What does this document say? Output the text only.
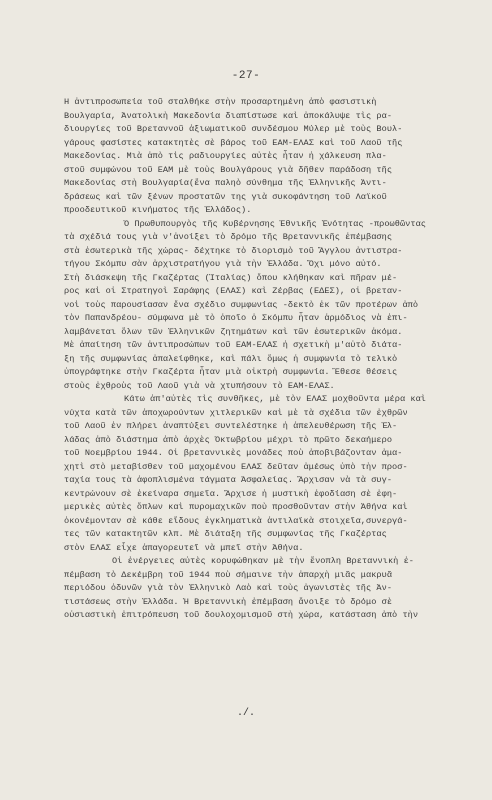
-27-
Ἡ ἀντιπροσωπεία τοῦ σταλθήκε στὴν προσαρτημένη ἀπὸ φασιστικὴ
Βουλγαρία, Ἀνατολικὴ Μακεδονία διαπίστωσε καὶ ἀποκάλυψε τὶς ρα-
διουργίες τοῦ Βρεταννοῦ ἀξιωματικοῦ συνδέσμου Μύλερ μὲ τοὺς Βουλ-
γάρους φασίστες κατακτητὲς σὲ βάρος τοῦ ΕΑΜ-ΕΛΑΣ καὶ τοῦ Λαοῦ τῆς
Μακεδονίας. Μιὰ ἀπὸ τὶς ραδιουργίες αὐτὲς ἦταν ἡ χάλκευση πλα-
στοῦ συμφώνου τοῦ ΕΑΜ μὲ τοὺς Βουλγάρους γιὰ δῆθεν παράδοση τῆς
Μακεδονίας στὴ Βουλγαρία(ἕνα παληὸ σύνθημα τῆς Ἑλληνικῆς Ἀντι-
δράσεως καὶ τῶν ξένων προστατῶν της γιὰ συκοφάντηση τοῦ Λαϊκοῦ
προοδευτικοῦ κινήματος τῆς Ἑλλάδος).
Ὁ Πρωθυπουργὸς τῆς Κυβέρνησης Ἐθνικῆς Ἑνότητας -προωθῶντας
τὰ σχέδιά τους γιὰ ν'ἀνοίξει τὸ δρόμο τῆς Βρεταννικῆς ἐπέμβασης
στὰ ἐσωτερικὰ τῆς χώρας- δέχτηκε τὸ διορισμὸ τοῦ Ἄγγλου ἀντιστρα-
τήγου Σκόμπυ σὰν ἀρχιστρατήγου γιὰ τὴν Ἑλλάδα. Ὄχι μόνο αὐτό.
Στὴ διάσκεψη τῆς Γκαζέρτας (Ἰταλίας) ὅπου κλήθηκαν καὶ πῆραν μέ-
ρος καὶ οἱ Στρατηγοὶ Σαράφης (ΕΛΑΣ) καὶ Ζέρβας (ΕΔΕΣ), οἱ βρεταν-
νοὶ τοὺς παρουσίασαν ἕνα σχέδιο συμφωνίας -δεκτὸ ἐκ τῶν προτέρων ἀπὸ
τὸν Παπανδρέου- σύμφωνα μὲ τὸ ὁποῖο ὁ Σκόμπυ ἦταν ἁρμόδιος νὰ ἐπι-
λαμβάνεται ὅλων τῶν Ἑλληνικῶν ζητημάτων καὶ τῶν ἐσωτερικῶν ἀκόμα.
Μὲ ἀπαίτηση τῶν ἀντιπροσώπων τοῦ ΕΑΜ-ΕΛΑΣ ἡ σχετικὴ μ'αὐτὸ διάτα-
ξη τῆς συμφωνίας ἀπαλείφθηκε, καὶ πάλι ὅμως ἡ συμφωνία τὸ τελικὸ
ὑπογράφτηκε στὴν Γκαζέρτα ἦταν μιὰ οἰκτρὴ συμφωνία. Ἔθεσε θέσεις
στοὺς ἐχθροὺς τοῦ Λαοῦ γιὰ νὰ χτυπήσουν τὸ ΕΑΜ-ΕΛΑΣ.
Κάτω ἀπ'αὐτὲς τὶς συνθῆκες, μὲ τὸν ΕΛΑΣ μοχθοῦντα μέρα καὶ
νύχτα κατὰ τῶν ἀποχωρούντων χιτλερικῶν καὶ μὲ τὰ σχέδια τῶν ἐχθρῶν
τοῦ Λαοῦ ἐν πλήρει ἀναπτύξει συντελέστηκε ἡ ἀπελευθέρωση τῆς Ἑλ-
λάδας ἀπὸ διάστημα ἀπὸ ἀρχὲς Ὀκτωβρίου μέχρι τὸ πρῶτο δεκαήμερο
τοῦ Νοεμβρίου 1944. Οἱ βρεταννικὲς μονάδες ποὺ ἀποβιβάζονταν ἀμα-
χητὶ στὸ μεταβίσθεν τοῦ μαχομένου ΕΛΑΣ δεῦταν ἀμέσως ὑπὸ τὴν προσ-
ταχία τους τὰ ἀφοπλισμένα τάγματα Ἀσφαλείας. Ἄρχισαν νὰ τὰ συγ-
κεντρώνουν σὲ ἐκείναρα σημεῖα. Ἄρχισε ἡ μυστικὴ ἐφοδίαση σὲ ἐφη-
μερικὲς αὐτὲς ὅπλων καὶ πυρομαχικῶν ποὺ προσθοῦνταν στὴν Ἀθήνα καὶ
ὀκονέμονταν σὲ κάθε εἴδους ἐγκληματικὰ ἀντιλαϊκὰ στοιχεῖα,συνεργά-
τες τῶν κατακτητῶν κλπ. Μὲ διάταξη τῆς συμφωνίας τῆς Γκαζέρτας
στὸν ΕΛΑΣ εἶχε ἀπαγορευτεῖ νὰ μπεῖ στὴν Ἀθήνα.
Οἱ ἐνέργειες αὐτὲς κορυφώθηκαν μὲ τὴν ἔνοπλη Βρεταννικὴ ἐ-
πέμβαση τὸ Δεκέμβρη τοῦ 1944 ποὺ σήμαινε τὴν ἀπαρχὴ μιᾶς μακρυᾶ
περιόδου ὀδυνῶν γιὰ τὸν Ἑλληνικὸ Λαὸ καὶ τοὺς ἀγωνιστὲς τῆς Ἀν-
τιστάσεως στὴν Ἑλλάδα. Ἡ Βρεταννικὴ ἐπέμβαση ἄνοιξε τὸ δρόμο σὲ
οὐσιαστικὴ ἐπιτρόπευση τοῦ δουλοχομισμοῦ στὴ χώρα, κατάσταση ἀπὸ τὴν
./.
